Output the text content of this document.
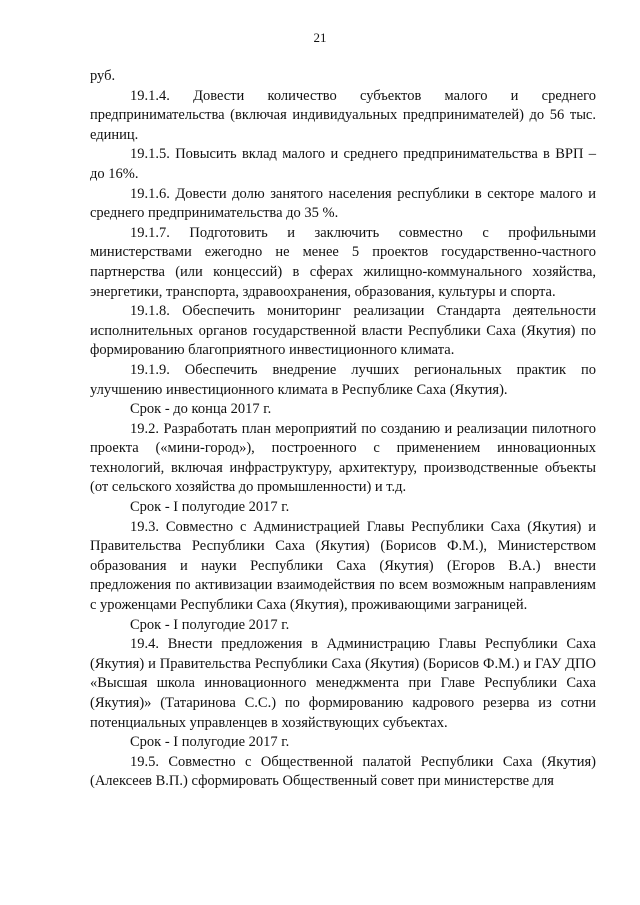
21

руб.

19.1.4. Довести количество субъектов малого и среднего предпринимательства (включая индивидуальных предпринимателей) до 56 тыс. единиц.

19.1.5. Повысить вклад малого и среднего предпринимательства в ВРП – до 16%.

19.1.6. Довести долю занятого населения республики в секторе малого и среднего предпринимательства до 35 %.

19.1.7. Подготовить и заключить совместно с профильными министерствами ежегодно не менее 5 проектов государственно-частного партнерства (или концессий) в сферах жилищно-коммунального хозяйства, энергетики, транспорта, здравоохранения, образования, культуры и спорта.

19.1.8. Обеспечить мониторинг реализации Стандарта деятельности исполнительных органов государственной власти Республики Саха (Якутия) по формированию благоприятного инвестиционного климата.

19.1.9. Обеспечить внедрение лучших региональных практик по улучшению инвестиционного климата в Республике Саха (Якутия).

Срок - до конца 2017 г.

19.2. Разработать план мероприятий по созданию и реализации пилотного проекта («мини-город»), построенного с применением инновационных технологий, включая инфраструктуру, архитектуру, производственные объекты (от сельского хозяйства до промышленности) и т.д.

Срок - I полугодие 2017 г.

19.3. Совместно с Администрацией Главы Республики Саха (Якутия) и Правительства Республики Саха (Якутия) (Борисов Ф.М.), Министерством образования и науки Республики Саха (Якутия) (Егоров В.А.) внести предложения по активизации взаимодействия по всем возможным направлениям с уроженцами Республики Саха (Якутия), проживающими заграницей.

Срок - I полугодие 2017 г.

19.4. Внести предложения в Администрацию Главы Республики Саха (Якутия) и Правительства Республики Саха (Якутия) (Борисов Ф.М.) и ГАУ ДПО «Высшая школа инновационного менеджмента при Главе Республики Саха (Якутия)» (Татаринова С.С.) по формированию кадрового резерва из сотни потенциальных управленцев в хозяйствующих субъектах.

Срок - I полугодие 2017 г.

19.5. Совместно с Общественной палатой Республики Саха (Якутия) (Алексеев В.П.) сформировать Общественный совет при министерстве для
